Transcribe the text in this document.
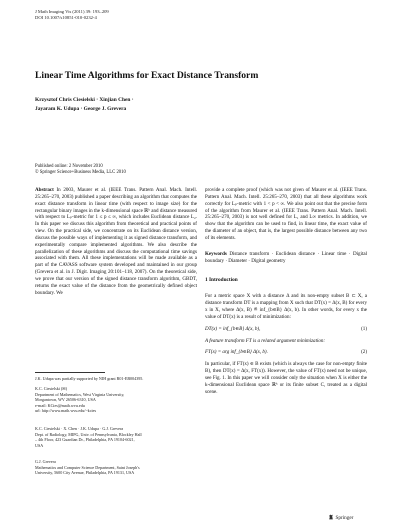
J Math Imaging Vis (2011) 39: 193–209
DOI 10.1007/s10851-010-0232-4
Linear Time Algorithms for Exact Distance Transform
Krzysztof Chris Ciesielski · Xinjian Chen ·
Jayaram K. Udupa · George J. Grevera
Published online: 2 November 2010
© Springer Science+Business Media, LLC 2010

Abstract In 2003, Maurer et al. (IEEE Trans. Pattern Anal. Mach. Intell. 25:265–270, 2003) published a paper describing an algorithm that computes the exact distance transform in linear time (with respect to image size) for the rectangular binary images in the k-dimensional space ℝᵏ and distance measured with respect to Lₚ-metric for 1 ≤ p ≤ ∞, which includes Euclidean distance L₂. In this paper we discuss this algorithm from theoretical and practical points of view. On the practical side, we concentrate on its Euclidean distance version, discuss the possible ways of implementing it as signed distance transform, and experimentally compare implemented algorithms. We also describe the parallelization of these algorithms and discuss the computational time savings associated with them. All these implementations will be made available as a part of the CAVASS software system developed and maintained in our group (Grevera et al. in J. Digit. Imaging 20:101–118, 2007). On the theoretical side, we prove that our version of the signed distance transform algorithm, GBDT, returns the exact value of the distance from the geometrically defined object boundary. We

provide a complete proof (which was not given of Maurer et al. (IEEE Trans. Pattern Anal. Mach. Intell. 25:265–270, 2003) that all these algorithms work correctly for Lₚ-metric with 1 < p < ∞. We also point out that the precise form of the algorithm from Maurer et al. (IEEE Trans. Pattern Anal. Mach. Intell. 25:265–270, 2003) is not well defined for L₁ and L∞ metrics. In addition, we show that the algorithm can be used to find, in linear time, the exact value of the diameter of an object, that is, the largest possible distance between any two of its elements.

Keywords Distance transform · Euclidean distance · Linear time · Digital boundary · Diameter · Digital geometry

1 Introduction

For a metric space X with a distance Δ and its non-empty subset B ⊂ X, a distance transform DT is a mapping from X such that DT(x) = Δ(x, B) for every x in X, where Δ(x, B) ≝ inf_{b∈B} Δ(x, b). In other words, for every x the value of DT(x) is a result of minimization:

DT(x) = inf_{b∈B} Δ(x, b),	(1)

A feature transform FT is a related argument minimization:

FT(x) = arg inf_{b∈B} Δ(x, b).	(2)

In particular, if FT(x) ∈ B exists (which is always the case for non-empty finite B), then DT(x) = Δ(x, FT(x)). However, the value of FT(x) need not be unique, see Fig. 1. In this paper we will consider only the situation when X is either the k-dimensional Euclidean space ℝᵏ or its finite subset C, treated as a digital scene.

J.K. Udupa was partially supported by NIH grant R01-EB004395.
K.C. Ciesielski (✉)
Department of Mathematics, West Virginia University,
Morgantown, WV 26506-6310, USA
e-mail: KCies@math.wvu.edu
url: http://www.math.wvu.edu/~kcies
K.C. Ciesielski · X. Chen · J.K. Udupa · G.J. Grevera
Dept. of Radiology, MIPG, Univ. of Pennsylvania, Blockley Hall
– 4th Floor, 423 Guardian Dr., Philadelphia, PA 19104-6021,
USA
G.J. Grevera
Mathematics and Computer Science Department, Saint Joseph's
University, 5600 City Avenue, Philadelphia, PA 19131, USA
Springer
